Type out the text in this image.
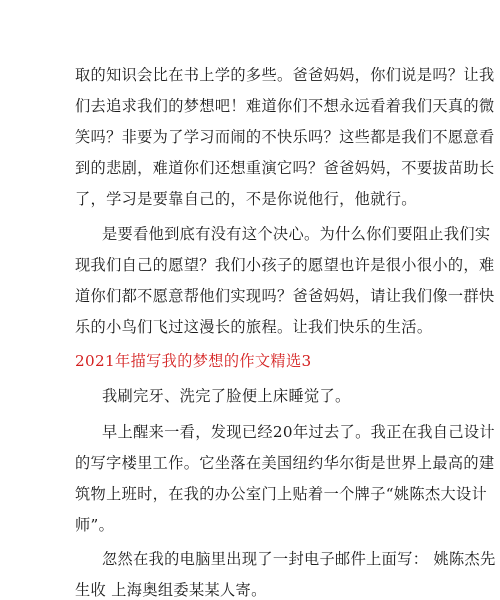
取的知识会比在书上学的多些。爸爸妈妈，你们说是吗？让我
们去追求我们的梦想吧！难道你们不想永远看着我们天真的微
笑吗？非要为了学习而闹的不快乐吗？这些都是我们不愿意看
到的悲剧，难道你们还想重演它吗？爸爸妈妈，不要拔苗助长
了，学习是要靠自己的，不是你说他行，他就行。
是要看他到底有没有这个决心。为什么你们要阻止我们实
现我们自己的愿望？我们小孩子的愿望也许是很小很小的，难
道你们都不愿意帮他们实现吗？爸爸妈妈，请让我们像一群快
乐的小鸟们飞过这漫长的旅程。让我们快乐的生活。
2021年描写我的梦想的作文精选3
我刷完牙、洗完了脸便上床睡觉了。
早上醒来一看，发现已经20年过去了。我正在我自己设计
的写字楼里工作。它坐落在美国纽约华尔街是世界上最高的建
筑物上班时，在我的办公室门上贴着一个牌子“姚陈杰大设计
师”。
忽然在我的电脑里出现了一封电子邮件上面写： 姚陈杰先
生收 上海奥组委某某人寄。
